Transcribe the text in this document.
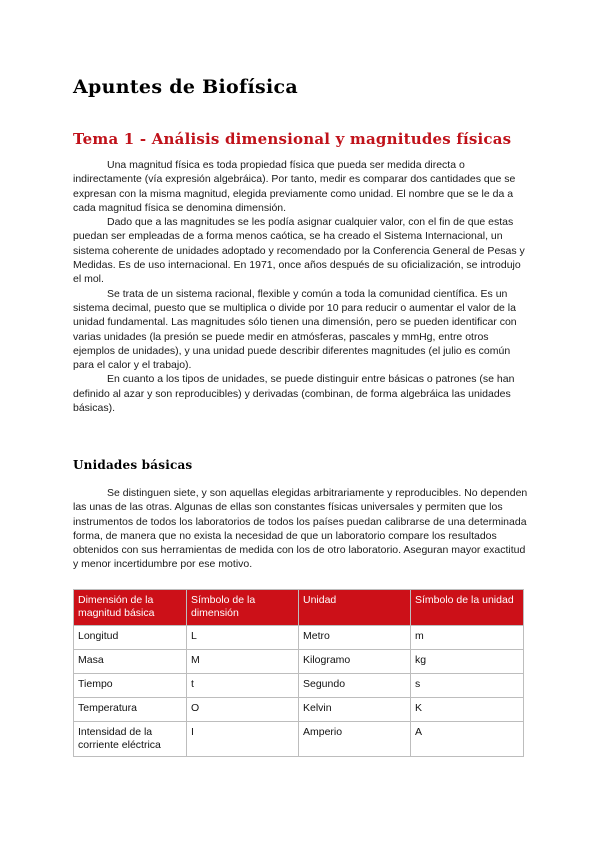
Apuntes de Biofísica
Tema 1 - Análisis dimensional y magnitudes físicas

Una magnitud física es toda propiedad física que pueda ser medida directa o indirectamente (vía expresión algebráica). Por tanto, medir es comparar dos cantidades que se expresan con la misma magnitud, elegida previamente como unidad. El nombre que se le da a cada magnitud física se denomina dimensión.

Dado que a las magnitudes se les podía asignar cualquier valor, con el fin de que estas puedan ser empleadas de a forma menos caótica, se ha creado el Sistema Internacional, un sistema coherente de unidades adoptado y recomendado por la Conferencia General de Pesas y Medidas. Es de uso internacional. En 1971, once años después de su oficialización, se introdujo el mol.

Se trata de un sistema racional, flexible y común a toda la comunidad científica. Es un sistema decimal, puesto que se multiplica o divide por 10 para reducir o aumentar el valor de la unidad fundamental. Las magnitudes sólo tienen una dimensión, pero se pueden identificar con varias unidades (la presión se puede medir en atmósferas, pascales y mmHg, entre otros ejemplos de unidades), y una unidad puede describir diferentes magnitudes (el julio es común para el calor y el trabajo).

En cuanto a los tipos de unidades, se puede distinguir entre básicas o patrones (se han definido al azar y son reproducibles) y derivadas (combinan, de forma algebráica las unidades básicas).

Unidades básicas

Se distinguen siete, y son aquellas elegidas arbitrariamente y reproducibles. No dependen las unas de las otras. Algunas de ellas son constantes físicas universales y permiten que los instrumentos de todos los laboratorios de todos los países puedan calibrarse de una determinada forma, de manera que no exista la necesidad de que un laboratorio compare los resultados obtenidos con sus herramientas de medida con los de otro laboratorio. Aseguran mayor exactitud y menor incertidumbre por ese motivo.

Dimensión de la magnitud básica	Símbolo de la dimensión	Unidad	Símbolo de la unidad
Longitud	L	Metro	m
Masa	M	Kilogramo	kg
Tiempo	t	Segundo	s
Temperatura	O	Kelvin	K
Intensidad de la corriente eléctrica	I	Amperio	A
